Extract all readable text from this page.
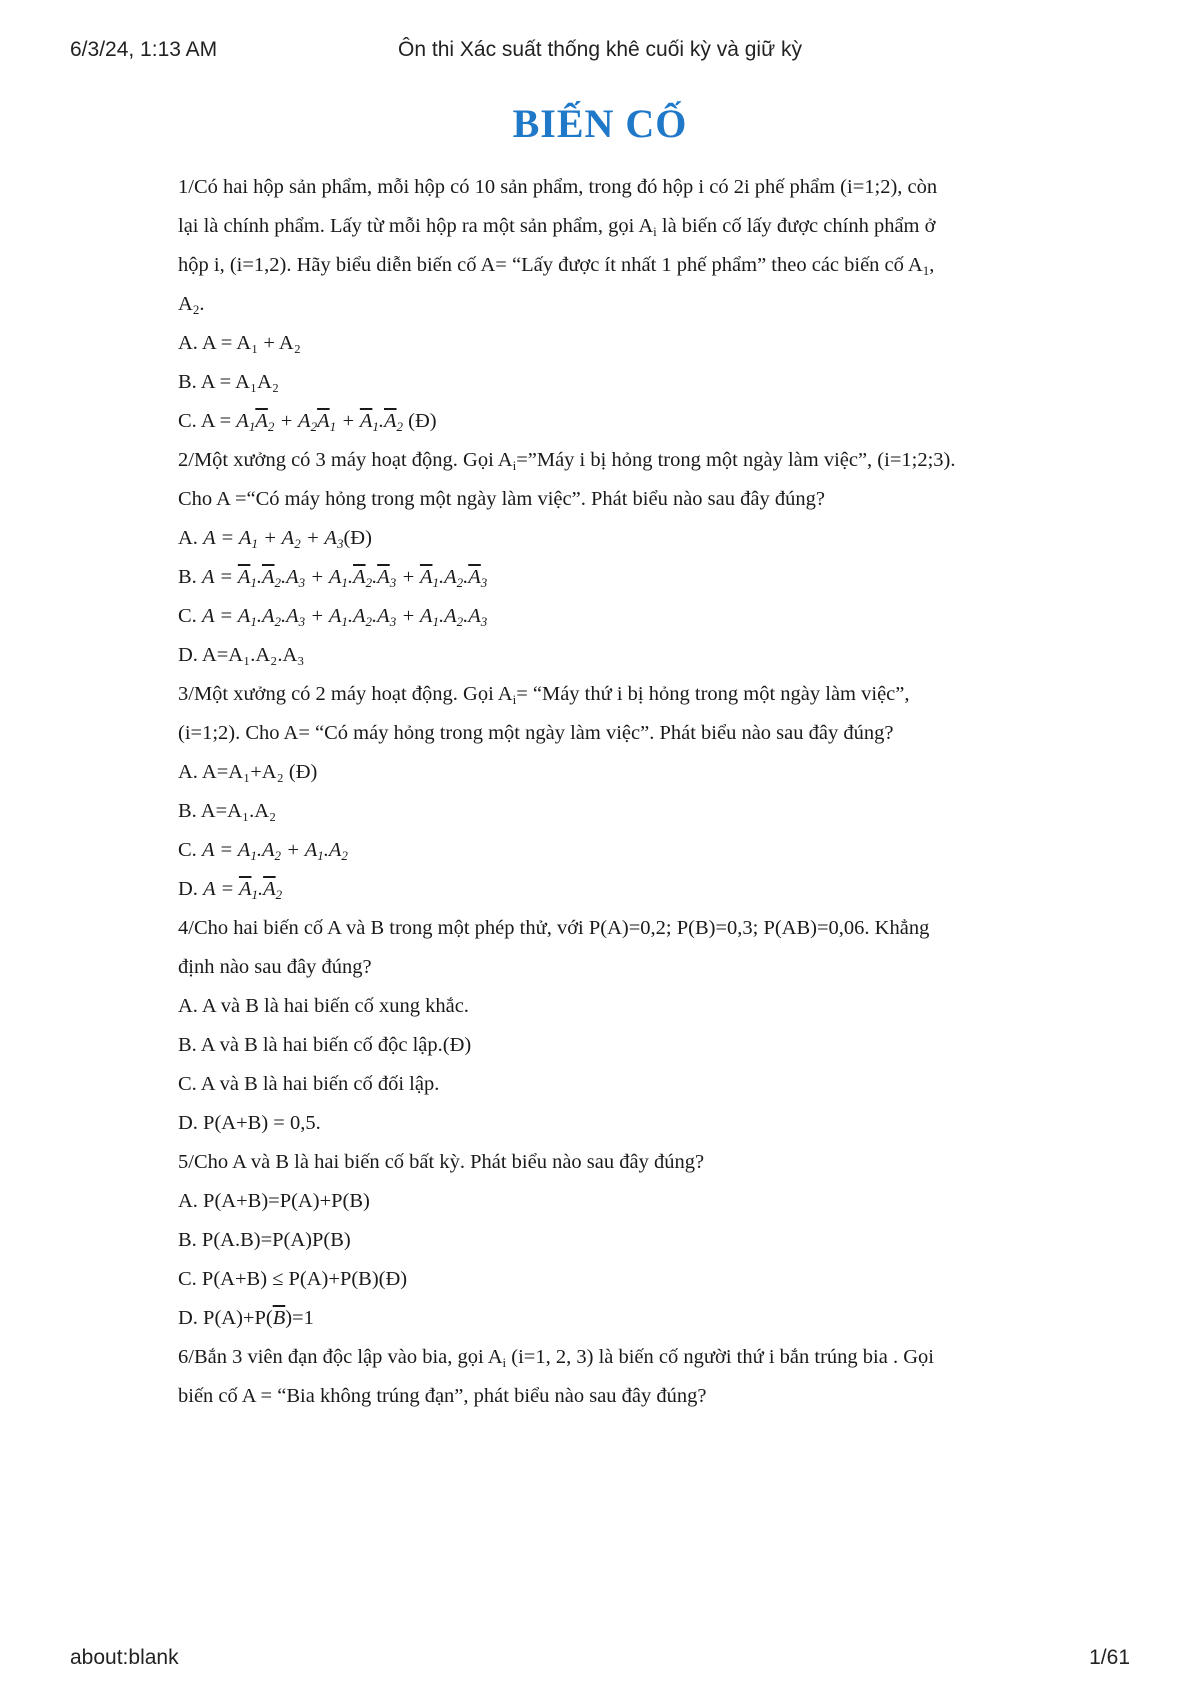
6/3/24, 1:13 AM	Ôn thi Xác suất thống khê cuối kỳ và giữ kỳ
BIẾN CỐ
1/Có hai hộp sản phẩm, mỗi hộp có 10 sản phẩm, trong đó hộp i có 2i phế phẩm (i=1;2), còn
lại là chính phẩm. Lấy từ mỗi hộp ra một sản phẩm, gọi $A_i$ là biến cố lấy được chính phẩm ở
hộp i, (i=1,2). Hãy biểu diễn biến cố A= “Lấy được ít nhất 1 phế phẩm” theo các biến cố $A_1$,
$A_2$.
A. A = A₁ + A₂
B. A = A₁A₂
C. $A = A_1\overline{A}_2 + A_2\overline{A}_1 + \overline{A}_1.\overline{A}_2$ (Đ)
2/Một xưởng có 3 máy hoạt động. Gọi $A_i=”Máy$ i bị hỏng trong một ngày làm việc”, (i=1;2;3).
Cho A =“Có máy hỏng trong một ngày làm việc”. Phát biểu nào sau đây đúng?
A. $A = A_1 + A_2$ + $A_3(Đ)$
B. $A = \overline{A}_1.\overline{A}_2.A_3 + A_1.\overline{A}_2.\overline{A}_3 + \overline{A}_1.A_2.\overline{A}_3$
C. $A = A_1.A_2.A_3 + A_1.A_2.A_3 + A_1.A_2.A_3$
D. A=A₁.A₂.A₃
3/Một xưởng có 2 máy hoạt động. Gọi $A_i=$ “Máy thứ i bị hỏng trong một ngày làm việc”,
(i=1;2). Cho A= “Có máy hỏng trong một ngày làm việc”. Phát biểu nào sau đây đúng?
A. A=A₁+A₂ (Đ)
B. A=A₁.A₂
C. $A = A_1.A_2 + A_1.A_2$
D. $A = \overline{A}_1.\overline{A}_2$
4/Cho hai biến cố A và B trong một phép thử, với P(A)=0,2; P(B)=0,3; P(AB)=0,06. Khẳng
định nào sau đây đúng?
A. A và B là hai biến cố xung khắc.
B. A và B là hai biến cố độc lập.(Đ)
C. A và B là hai biến cố đối lập.
D. P(A+B) = 0,5.
5/Cho A và B là hai biến cố bất kỳ. Phát biểu nào sau đây đúng?
A. P(A+B)=P(A)+P(B)
B. P(A.B)=P(A)P(B)
C. P(A+B) ≤ P(A)+P(B)(Đ)
D. $P(A)+P(\overline{B})=1$
6/Bắn 3 viên đạn độc lập vào bia, gọi $A_i$ (i=1, 2, 3) là biến cố người thứ i bắn trúng bia . Gọi
biến cố A = “Bia không trúng đạn”, phát biểu nào sau đây đúng?
about:blank	1/61
